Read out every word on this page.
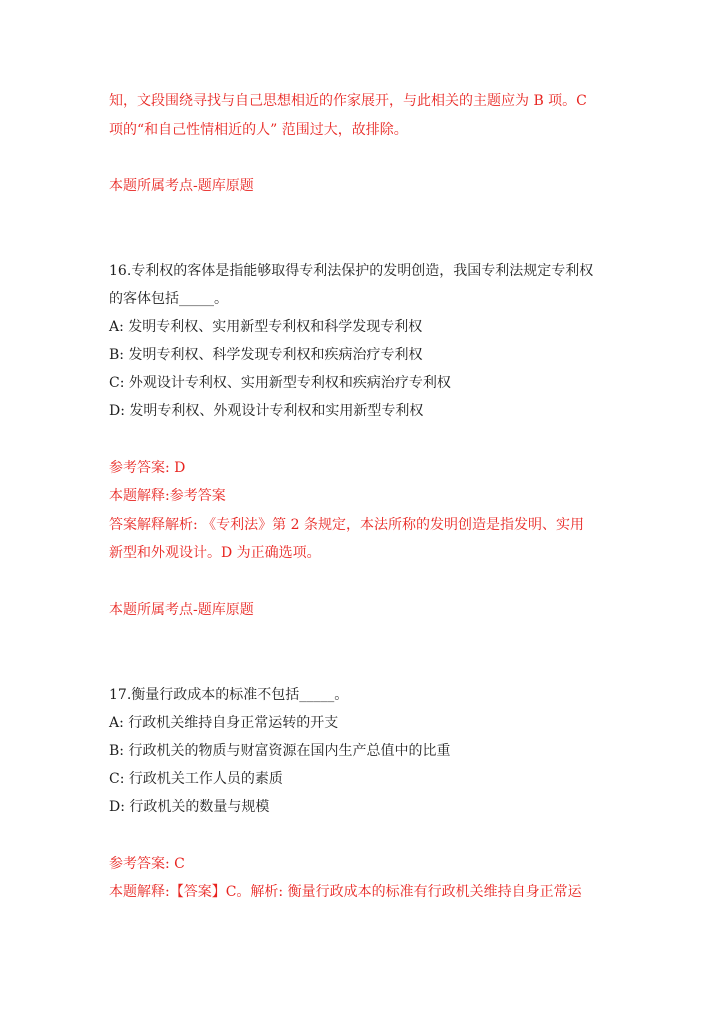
知，文段围绕寻找与自己思想相近的作家展开，与此相关的主题应为 B 项。C
项的“和自己性情相近的人” 范围过大，故排除。
本题所属考点-题库原题
16.专利权的客体是指能够取得专利法保护的发明创造，我国专利法规定专利权
的客体包括_____。
A: 发明专利权、实用新型专利权和科学发现专利权
B: 发明专利权、科学发现专利权和疾病治疗专利权
C: 外观设计专利权、实用新型专利权和疾病治疗专利权
D: 发明专利权、外观设计专利权和实用新型专利权
参考答案: D
本题解释:参考答案
答案解释解析: 《专利法》第 2 条规定，本法所称的发明创造是指发明、实用
新型和外观设计。D 为正确选项。
本题所属考点-题库原题
17.衡量行政成本的标准不包括_____。
A: 行政机关维持自身正常运转的开支
B: 行政机关的物质与财富资源在国内生产总值中的比重
C: 行政机关工作人员的素质
D: 行政机关的数量与规模
参考答案: C
本题解释:【答案】C。解析: 衡量行政成本的标准有行政机关维持自身正常运
